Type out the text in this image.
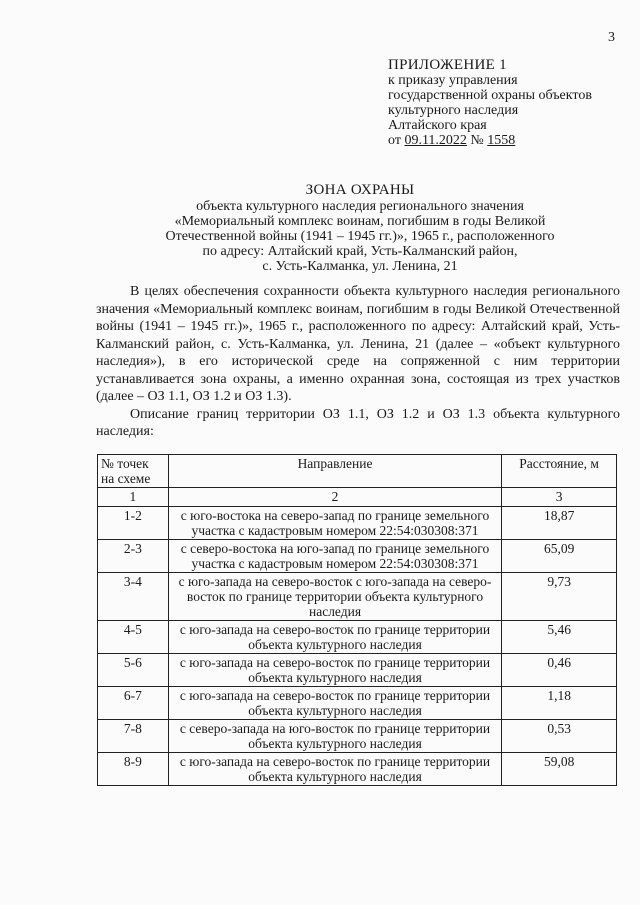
3
ПРИЛОЖЕНИЕ 1
к приказу управления
государственной охраны объектов
культурного наследия
Алтайского края
от 09.11.2022 № 1558
ЗОНА ОХРАНЫ
объекта культурного наследия регионального значения
«Мемориальный комплекс воинам, погибшим в годы Великой
Отечественной войны (1941 – 1945 гг.)», 1965 г., расположенного
по адресу: Алтайский край, Усть-Калманский район,
с. Усть-Калманка, ул. Ленина, 21

В целях обеспечения сохранности объекта культурного наследия регионального значения «Мемориальный комплекс воинам, погибшим в годы Великой Отечественной войны (1941 – 1945 гг.)», 1965 г., расположенного по адресу: Алтайский край, Усть-Калманский район, с. Усть-Калманка, ул. Ленина, 21 (далее – «объект культурного наследия»), в его исторической среде на сопряженной с ним территории устанавливается зона охраны, а именно охранная зона, состоящая из трех участков (далее – ОЗ 1.1, ОЗ 1.2 и ОЗ 1.3).

Описание границ территории ОЗ 1.1, ОЗ 1.2 и ОЗ 1.3 объекта культурного наследия:

№ точек на схеме	Направление	Расстояние, м
1	2	3
1-2	с юго-востока на северо-запад по границе земельного участка с кадастровым номером 22:54:030308:371	18,87
2-3	с северо-востока на юго-запад по границе земельного участка с кадастровым номером 22:54:030308:371	65,09
3-4	с юго-запада на северо-восток с юго-запада на северо-восток по границе территории объекта культурного наследия	9,73
4-5	с юго-запада на северо-восток по границе территории объекта культурного наследия	5,46
5-6	с юго-запада на северо-восток по границе территории объекта культурного наследия	0,46
6-7	с юго-запада на северо-восток по границе территории объекта культурного наследия	1,18
7-8	с северо-запада на юго-восток по границе территории объекта культурного наследия	0,53
8-9	с юго-запада на северо-восток по границе территории объекта культурного наследия	59,08
